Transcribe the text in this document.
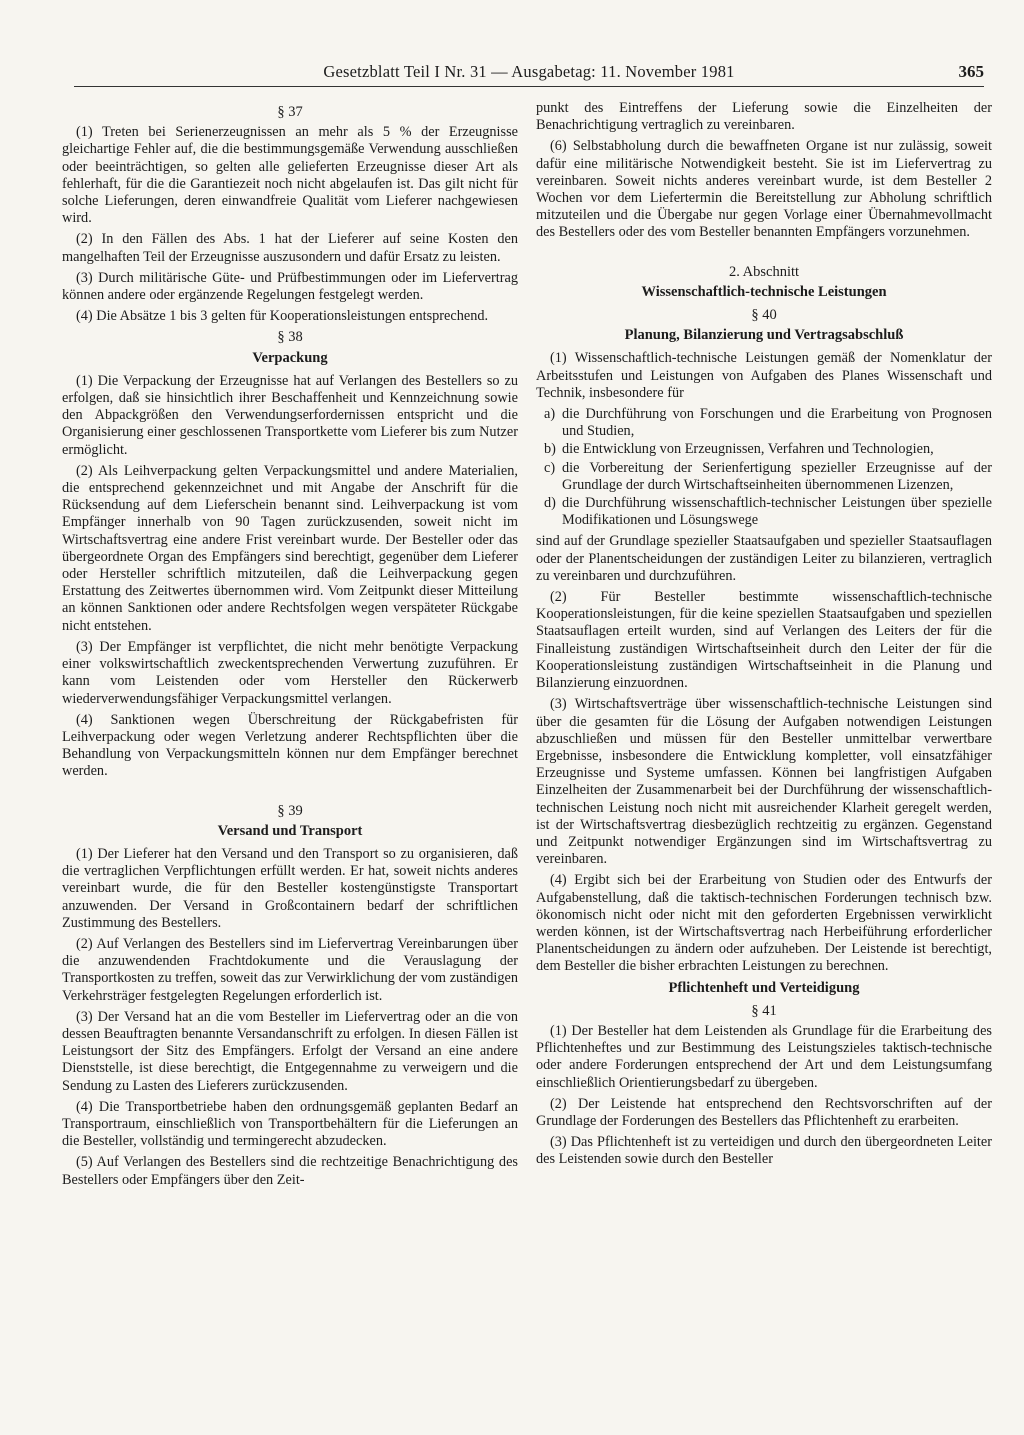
Gesetzblatt Teil I Nr. 31 — Ausgabetag: 11. November 1981	365
§ 37

(1) Treten bei Serienerzeugnissen an mehr als 5 % der Erzeugnisse gleichartige Fehler auf, die die bestimmungsgemäße Verwendung ausschließen oder beeinträchtigen, so gelten alle gelieferten Erzeugnisse dieser Art als fehlerhaft, für die die Garantiezeit noch nicht abgelaufen ist. Das gilt nicht für solche Lieferungen, deren einwandfreie Qualität vom Lieferer nachgewiesen wird.

(2) In den Fällen des Abs. 1 hat der Lieferer auf seine Kosten den mangelhaften Teil der Erzeugnisse auszusondern und dafür Ersatz zu leisten.

(3) Durch militärische Güte- und Prüfbestimmungen oder im Liefervertrag können andere oder ergänzende Regelungen festgelegt werden.

(4) Die Absätze 1 bis 3 gelten für Kooperationsleistungen entsprechend.

§ 38
Verpackung

(1) Die Verpackung der Erzeugnisse hat auf Verlangen des Bestellers so zu erfolgen, daß sie hinsichtlich ihrer Beschaffenheit und Kennzeichnung sowie den Abpackgrößen den Verwendungserfordernissen entspricht und die Organisierung einer geschlossenen Transportkette vom Lieferer bis zum Nutzer ermöglicht.

(2) Als Leihverpackung gelten Verpackungsmittel und andere Materialien, die entsprechend gekennzeichnet und mit Angabe der Anschrift für die Rücksendung auf dem Lieferschein benannt sind. Leihverpackung ist vom Empfänger innerhalb von 90 Tagen zurückzusenden, soweit nicht im Wirtschaftsvertrag eine andere Frist vereinbart wurde. Der Besteller oder das übergeordnete Organ des Empfängers sind berechtigt, gegenüber dem Lieferer oder Hersteller schriftlich mitzuteilen, daß die Leihverpackung gegen Erstattung des Zeitwertes übernommen wird. Vom Zeitpunkt dieser Mitteilung an können Sanktionen oder andere Rechtsfolgen wegen verspäteter Rückgabe nicht entstehen.

(3) Der Empfänger ist verpflichtet, die nicht mehr benötigte Verpackung einer volkswirtschaftlich zweckentsprechenden Verwertung zuzuführen. Er kann vom Leistenden oder vom Hersteller den Rückerwerb wiederverwendungsfähiger Verpackungsmittel verlangen.

(4) Sanktionen wegen Überschreitung der Rückgabefristen für Leihverpackung oder wegen Verletzung anderer Rechtspflichten über die Behandlung von Verpackungsmitteln können nur dem Empfänger berechnet werden.

§ 39
Versand und Transport

(1) Der Lieferer hat den Versand und den Transport so zu organisieren, daß die vertraglichen Verpflichtungen erfüllt werden. Er hat, soweit nichts anderes vereinbart wurde, die für den Besteller kostengünstigste Transportart anzuwenden. Der Versand in Großcontainern bedarf der schriftlichen Zustimmung des Bestellers.

(2) Auf Verlangen des Bestellers sind im Liefervertrag Vereinbarungen über die anzuwendenden Frachtdokumente und die Verauslagung der Transportkosten zu treffen, soweit das zur Verwirklichung der vom zuständigen Verkehrsträger festgelegten Regelungen erforderlich ist.

(3) Der Versand hat an die vom Besteller im Liefervertrag oder an die von dessen Beauftragten benannte Versandanschrift zu erfolgen. In diesen Fällen ist Leistungsort der Sitz des Empfängers. Erfolgt der Versand an eine andere Dienststelle, ist diese berechtigt, die Entgegennahme zu verweigern und die Sendung zu Lasten des Lieferers zurückzusenden.

(4) Die Transportbetriebe haben den ordnungsgemäß geplanten Bedarf an Transportraum, einschließlich von Transportbehältern für die Lieferungen an die Besteller, vollständig und termingerecht abzudecken.

(5) Auf Verlangen des Bestellers sind die rechtzeitige Benachrichtigung des Bestellers oder Empfängers über den Zeit-

punkt des Eintreffens der Lieferung sowie die Einzelheiten der Benachrichtigung vertraglich zu vereinbaren.

(6) Selbstabholung durch die bewaffneten Organe ist nur zulässig, soweit dafür eine militärische Notwendigkeit besteht. Sie ist im Liefervertrag zu vereinbaren. Soweit nichts anderes vereinbart wurde, ist dem Besteller 2 Wochen vor dem Liefertermin die Bereitstellung zur Abholung schriftlich mitzuteilen und die Übergabe nur gegen Vorlage einer Übernahmevollmacht des Bestellers oder des vom Besteller benannten Empfängers vorzunehmen.

2. Abschnitt
Wissenschaftlich-technische Leistungen
§ 40
Planung, Bilanzierung und Vertragsabschluß

(1) Wissenschaftlich-technische Leistungen gemäß der Nomenklatur der Arbeitsstufen und Leistungen von Aufgaben des Planes Wissenschaft und Technik, insbesondere für

a) die Durchführung von Forschungen und die Erarbeitung von Prognosen und Studien,
b) die Entwicklung von Erzeugnissen, Verfahren und Technologien,
c) die Vorbereitung der Serienfertigung spezieller Erzeugnisse auf der Grundlage der durch Wirtschaftseinheiten übernommenen Lizenzen,
d) die Durchführung wissenschaftlich-technischer Leistungen über spezielle Modifikationen und Lösungswege

sind auf der Grundlage spezieller Staatsaufgaben und spezieller Staatsauflagen oder der Planentscheidungen der zuständigen Leiter zu bilanzieren, vertraglich zu vereinbaren und durchzuführen.

(2) Für Besteller bestimmte wissenschaftlich-technische Kooperationsleistungen, für die keine speziellen Staatsaufgaben und speziellen Staatsauflagen erteilt wurden, sind auf Verlangen des Leiters der für die Finalleistung zuständigen Wirtschaftseinheit durch den Leiter der für die Kooperationsleistung zuständigen Wirtschaftseinheit in die Planung und Bilanzierung einzuordnen.

(3) Wirtschaftsverträge über wissenschaftlich-technische Leistungen sind über die gesamten für die Lösung der Aufgaben notwendigen Leistungen abzuschließen und müssen für den Besteller unmittelbar verwertbare Ergebnisse, insbesondere die Entwicklung kompletter, voll einsatzfähiger Erzeugnisse und Systeme umfassen. Können bei langfristigen Aufgaben Einzelheiten der Zusammenarbeit bei der Durchführung der wissenschaftlich-technischen Leistung noch nicht mit ausreichender Klarheit geregelt werden, ist der Wirtschaftsvertrag diesbezüglich rechtzeitig zu ergänzen. Gegenstand und Zeitpunkt notwendiger Ergänzungen sind im Wirtschaftsvertrag zu vereinbaren.

(4) Ergibt sich bei der Erarbeitung von Studien oder des Entwurfs der Aufgabenstellung, daß die taktisch-technischen Forderungen technisch bzw. ökonomisch nicht oder nicht mit den geforderten Ergebnissen verwirklicht werden können, ist der Wirtschaftsvertrag nach Herbeiführung erforderlicher Planentscheidungen zu ändern oder aufzuheben. Der Leistende ist berechtigt, dem Besteller die bisher erbrachten Leistungen zu berechnen.

Pflichtenheft und Verteidigung
§ 41

(1) Der Besteller hat dem Leistenden als Grundlage für die Erarbeitung des Pflichtenheftes und zur Bestimmung des Leistungszieles taktisch-technische oder andere Forderungen entsprechend der Art und dem Leistungsumfang einschließlich Orientierungsbedarf zu übergeben.

(2) Der Leistende hat entsprechend den Rechtsvorschriften auf der Grundlage der Forderungen des Bestellers das Pflichtenheft zu erarbeiten.

(3) Das Pflichtenheft ist zu verteidigen und durch den übergeordneten Leiter des Leistenden sowie durch den Besteller
